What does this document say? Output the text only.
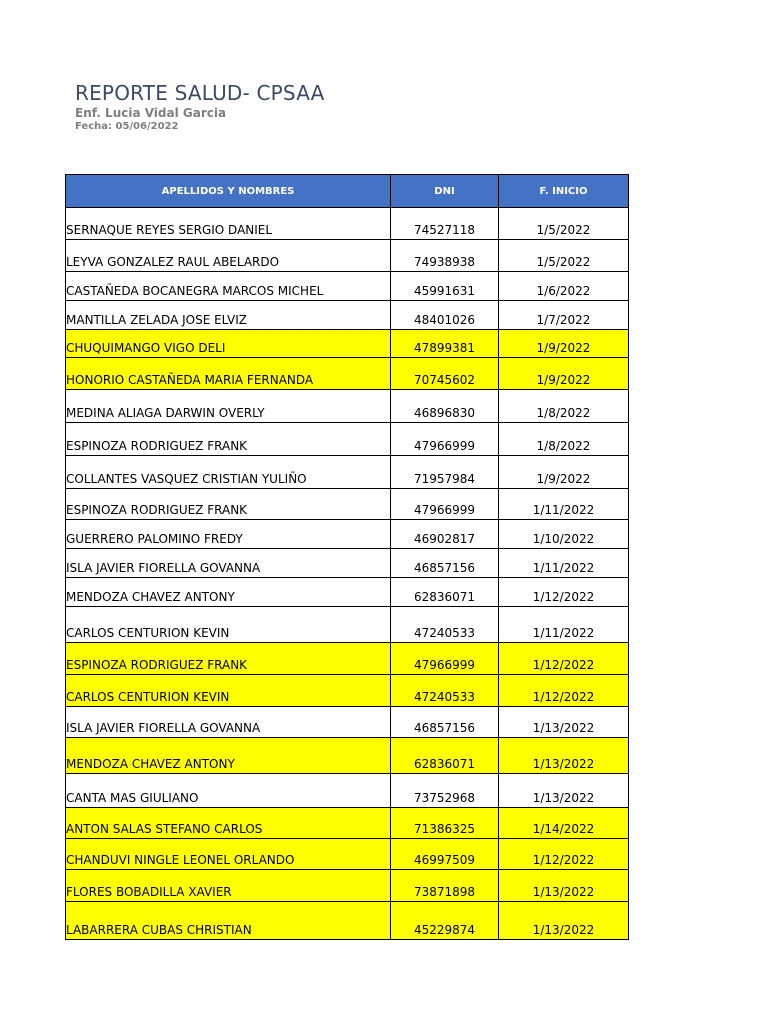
REPORTE SALUD- CPSAA
Enf. Lucia Vidal Garcia
Fecha: 05/06/2022
APELLIDOS Y NOMBRES	DNI	F. INICIO
SERNAQUE REYES SERGIO DANIEL	74527118	1/5/2022
LEYVA GONZALEZ RAUL ABELARDO	74938938	1/5/2022
CASTAÑEDA BOCANEGRA MARCOS MICHEL	45991631	1/6/2022
MANTILLA ZELADA JOSE ELVIZ	48401026	1/7/2022
CHUQUIMANGO VIGO DELI	47899381	1/9/2022
HONORIO CASTAÑEDA MARIA FERNANDA	70745602	1/9/2022
MEDINA ALIAGA DARWIN OVERLY	46896830	1/8/2022
ESPINOZA RODRIGUEZ FRANK	47966999	1/8/2022
COLLANTES VASQUEZ CRISTIAN YULIÑO	71957984	1/9/2022
ESPINOZA RODRIGUEZ FRANK	47966999	1/11/2022
GUERRERO PALOMINO FREDY	46902817	1/10/2022
ISLA JAVIER FIORELLA GOVANNA	46857156	1/11/2022
MENDOZA CHAVEZ ANTONY	62836071	1/12/2022
CARLOS CENTURION KEVIN	47240533	1/11/2022
ESPINOZA RODRIGUEZ FRANK	47966999	1/12/2022
CARLOS CENTURION KEVIN	47240533	1/12/2022
ISLA JAVIER FIORELLA GOVANNA	46857156	1/13/2022
MENDOZA CHAVEZ ANTONY	62836071	1/13/2022
CANTA MAS GIULIANO	73752968	1/13/2022
ANTON SALAS STEFANO CARLOS	71386325	1/14/2022
CHANDUVI NINGLE LEONEL ORLANDO	46997509	1/12/2022
FLORES BOBADILLA XAVIER	73871898	1/13/2022
LABARRERA CUBAS CHRISTIAN	45229874	1/13/2022
